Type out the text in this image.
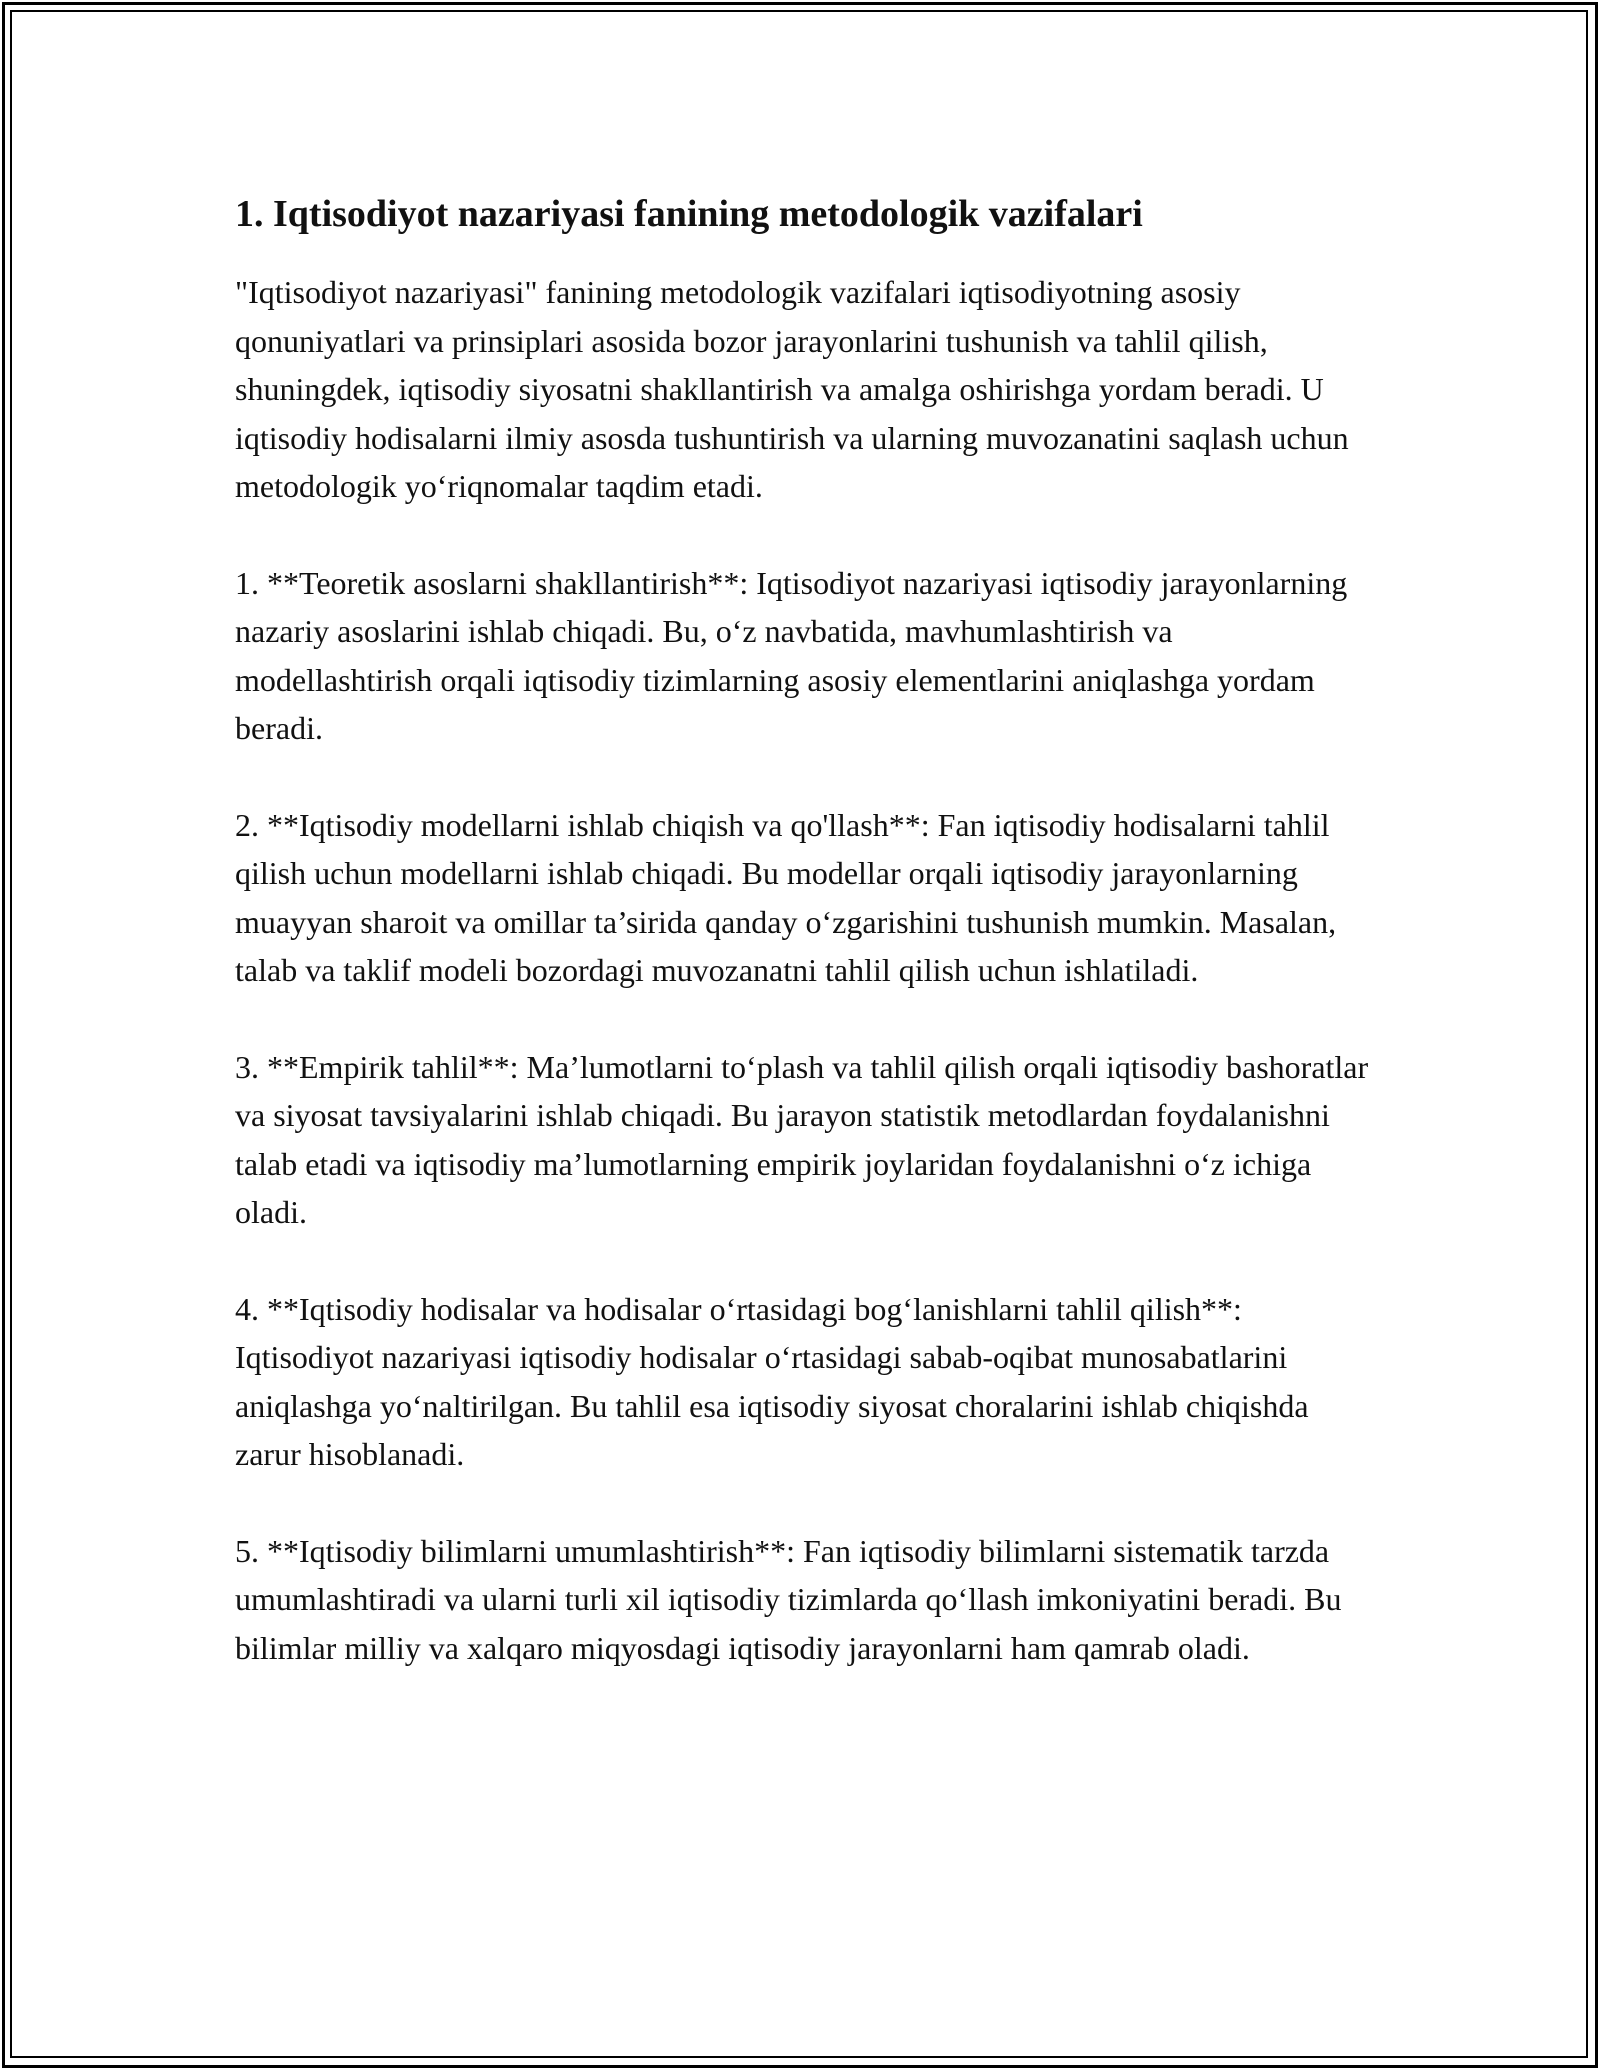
1. Iqtisodiyot nazariyasi fanining metodologik vazifalari

"Iqtisodiyot nazariyasi" fanining metodologik vazifalari iqtisodiyotning asosiy qonuniyatlari va prinsiplari asosida bozor jarayonlarini tushunish va tahlil qilish, shuningdek, iqtisodiy siyosatni shakllantirish va amalga oshirishga yordam beradi. U iqtisodiy hodisalarni ilmiy asosda tushuntirish va ularning muvozanatini saqlash uchun metodologik yo‘riqnomalar taqdim etadi.

1. **Teoretik asoslarni shakllantirish**: Iqtisodiyot nazariyasi iqtisodiy jarayonlarning nazariy asoslarini ishlab chiqadi. Bu, o‘z navbatida, mavhumlashtirish va modellashtirish orqali iqtisodiy tizimlarning asosiy elementlarini aniqlashga yordam beradi.

2. **Iqtisodiy modellarni ishlab chiqish va qo'llash**: Fan iqtisodiy hodisalarni tahlil qilish uchun modellarni ishlab chiqadi. Bu modellar orqali iqtisodiy jarayonlarning muayyan sharoit va omillar ta’sirida qanday o‘zgarishini tushunish mumkin. Masalan, talab va taklif modeli bozordagi muvozanatni tahlil qilish uchun ishlatiladi.

3. **Empirik tahlil**: Ma’lumotlarni to‘plash va tahlil qilish orqali iqtisodiy bashoratlar va siyosat tavsiyalarini ishlab chiqadi. Bu jarayon statistik metodlardan foydalanishni talab etadi va iqtisodiy ma’lumotlarning empirik joylaridan foydalanishni o‘z ichiga oladi.

4. **Iqtisodiy hodisalar va hodisalar o‘rtasidagi bog‘lanishlarni tahlil qilish**: Iqtisodiyot nazariyasi iqtisodiy hodisalar o‘rtasidagi sabab-oqibat munosabatlarini aniqlashga yo‘naltirilgan. Bu tahlil esa iqtisodiy siyosat choralarini ishlab chiqishda zarur hisoblanadi.

5. **Iqtisodiy bilimlarni umumlashtirish**: Fan iqtisodiy bilimlarni sistematik tarzda umumlashtiradi va ularni turli xil iqtisodiy tizimlarda qo‘llash imkoniyatini beradi. Bu bilimlar milliy va xalqaro miqyosdagi iqtisodiy jarayonlarni ham qamrab oladi.
